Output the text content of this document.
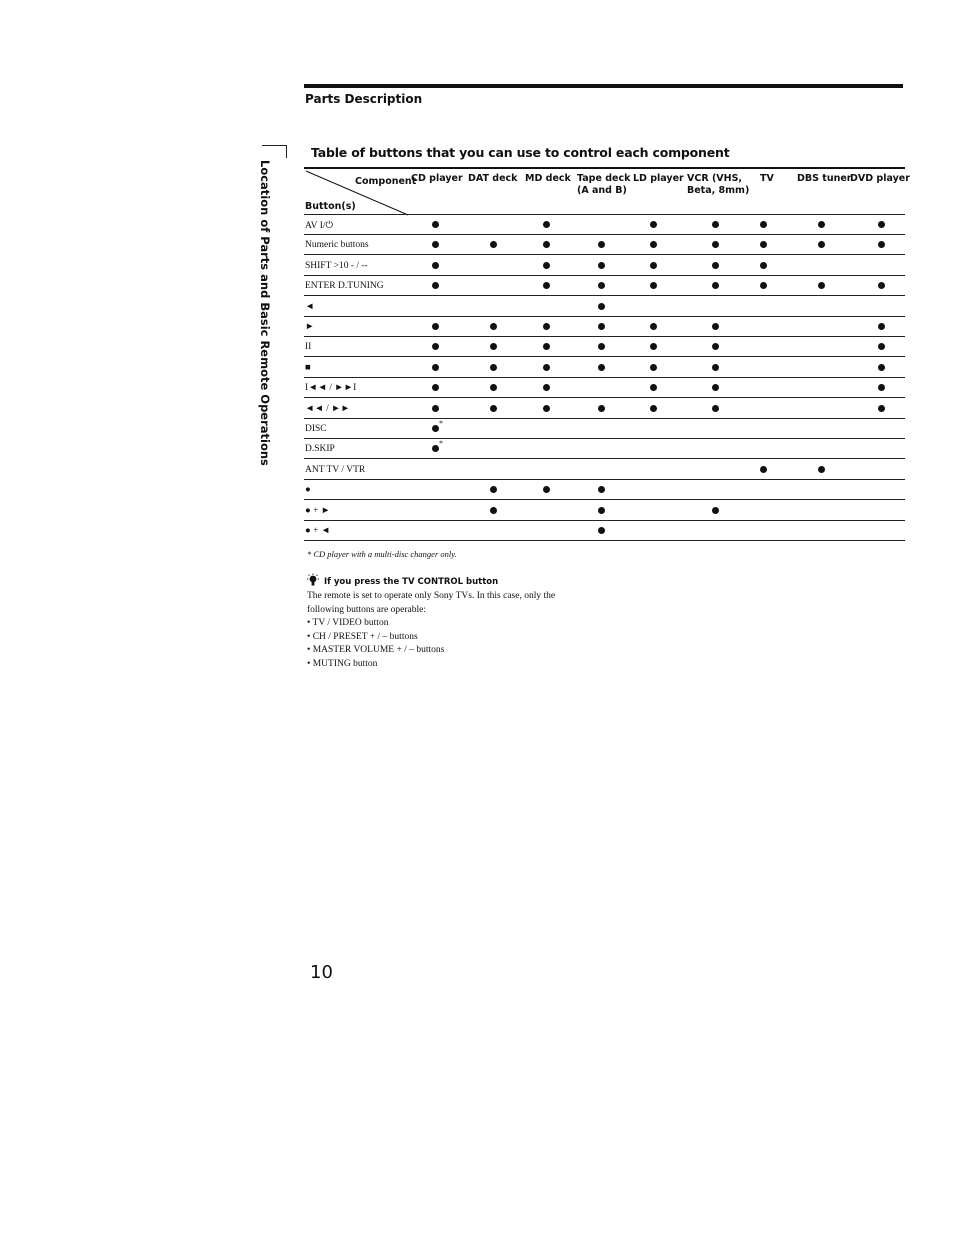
Parts Description
Location of Parts and Basic Remote Operations
Table of buttons that you can use to control each component
Component
Button(s)
CD player DAT deck MD deck Tape deck
(A and B)
LD player VCR (VHS,
Beta, 8mm)
TV DBS tuner
DVD player
AV I/⏻
Numeric buttons
SHIFT >10 - / --
ENTER D.TUNING
◄
►
II
■
I◄◄ / ►►I
◄◄ / ►►
DISC
*
D.SKIP
*
ANT TV / VTR
●
● + ►
● + ◄
* CD player with a multi-disc changer only.
If you press the TV CONTROL button
The remote is set to operate only Sony TVs. In this case, only the
following buttons are operable:
• TV / VIDEO button
• CH / PRESET + / – buttons
• MASTER VOLUME + / – buttons
• MUTING button
10
